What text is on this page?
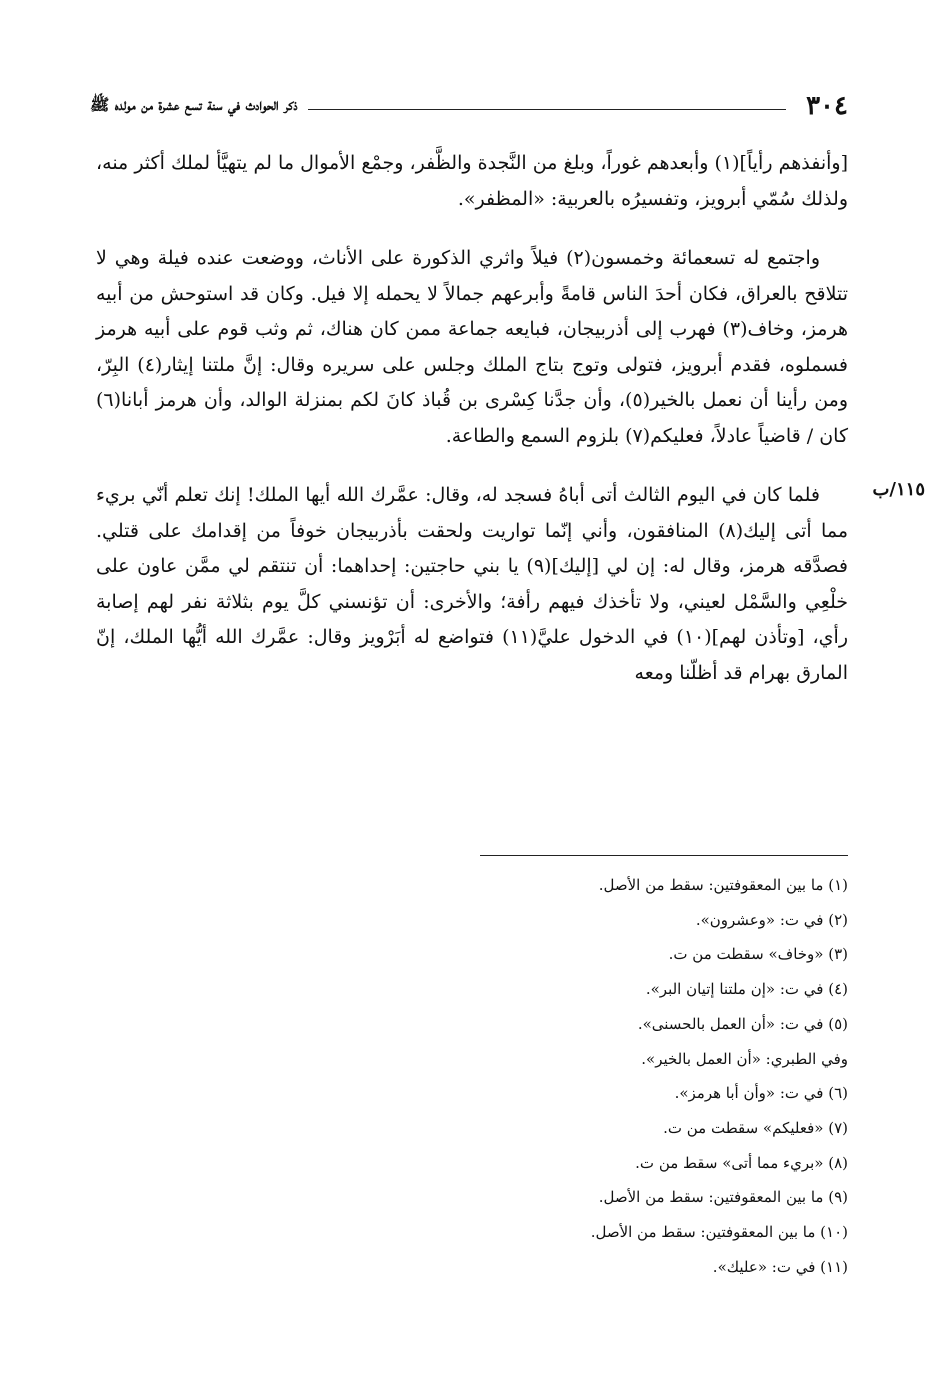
٣٠٤
ذكر الحوادث في سنة تسع عشرة من مولده ﷺ
١١٥/ب

[وأنفذهم رأياً](١) وأبعدهم غوراً، وبلغ من النَّجدة والظَّفر، وجمْع الأموال ما لم يتهيَّأ لملك أكثر منه، ولذلك سُمّي أبرويز، وتفسيرُه بالعربية: «المظفر».

واجتمع له تسعمائة وخمسون(٢) فيلاً واثري الذكورة على الأناث، ووضعت عنده فيلة وهي لا تتلاقح بالعراق، فكان أحدَ الناس قامةً وأبرعهم جمالاً لا يحمله إلا فيل. وكان قد استوحش من أبيه هرمز، وخاف(٣) فهرب إلى أذربيجان، فبايعه جماعة ممن كان هناك، ثم وثب قوم على أبيه هرمز فسملوه، فقدم أبرويز، فتولى وتوج بتاج الملك وجلس على سريره وقال: إنَّ ملتنا إيثار(٤) البِرّ، ومن رأينا أن نعمل بالخير(٥)، وأن جدَّنا كِسْرى بن قُباذ كانَ لكم بمنزلة الوالد، وأن هرمز أبانا(٦) كان / قاضياً عادلاً، فعليكم(٧) بلزوم السمع والطاعة.

فلما كان في اليوم الثالث أتى أباهُ فسجد له، وقال: عمَّرك الله أيها الملك! إنك تعلم أنّي بريء مما أتى إليك(٨) المنافقون، وأني إنّما تواريت ولحقت بأذربيجان خوفاً من إقدامك على قتلي. فصدَّقه هرمز، وقال له: إن لي [إليك](٩) يا بني حاجتين: إحداهما: أن تنتقم لي ممَّن عاون على خلْعِي والسَّمْل لعيني، ولا تأخذك فيهم رأفة؛ والأخرى: أن تؤنسني كلَّ يوم بثلاثة نفر لهم إصابة رأي، [وتأذن لهم](١٠) في الدخول عليَّ(١١) فتواضع له أبَرْويز وقال: عمَّرك الله أيُّها الملك، إنّ المارق بهرام قد أظلّنا ومعه

(١) ما بين المعقوفتين: سقط من الأصل.
(٢) في ت: «وعشرون».
(٣) «وخاف» سقطت من ت.
(٤) في ت: «إن ملتنا إتيان البر».
(٥) في ت: «أن العمل بالحسنى».
وفي الطبري: «أن العمل بالخير».
(٦) في ت: «وأن أبا هرمز».
(٧) «فعليكم» سقطت من ت.
(٨) «بريء مما أتى» سقط من ت.
(٩) ما بين المعقوفتين: سقط من الأصل.
(١٠) ما بين المعقوفتين: سقط من الأصل.
(١١) في ت: «عليك».
